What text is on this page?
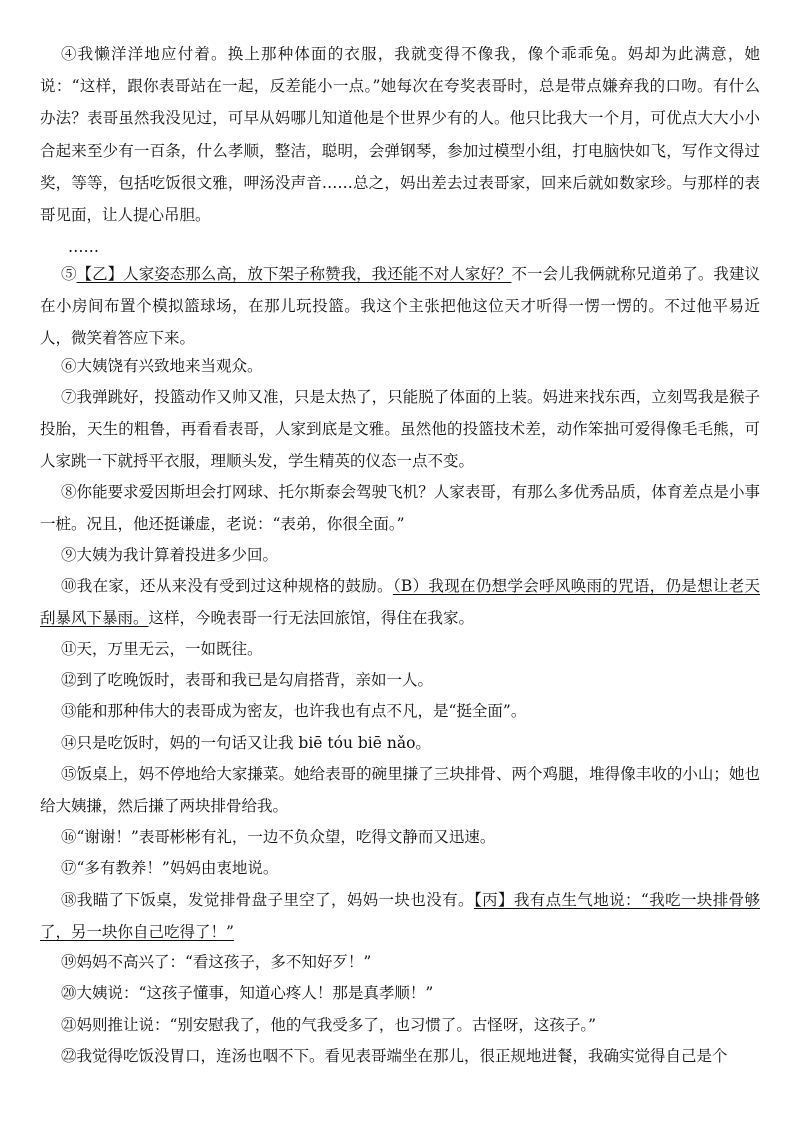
④我懒洋洋地应付着。换上那种体面的衣服，我就变得不像我，像个乖乖兔。妈却为此满意，她说：“这样，跟你表哥站在一起，反差能小一点。”她每次在夸奖表哥时，总是带点嫌弃我的口吻。有什么办法？表哥虽然我没见过，可早从妈哪儿知道他是个世界少有的人。他只比我大一个月，可优点大大小小合起来至少有一百条，什么孝顺，整洁，聪明，会弹钢琴，参加过模型小组，打电脑快如飞，写作文得过奖，等等，包括吃饭很文雅，呷汤没声音……总之，妈出差去过表哥家，回来后就如数家珍。与那样的表哥见面，让人提心吊胆。

……

⑤【乙】人家姿态那么高，放下架子称赞我，我还能不对人家好？不一会儿我俩就称兄道弟了。我建议在小房间布置个模拟篮球场，在那儿玩投篮。我这个主张把他这位天才听得一愣一愣的。不过他平易近人，微笑着答应下来。

⑥大姨饶有兴致地来当观众。

⑦我弹跳好，投篮动作又帅又准，只是太热了，只能脱了体面的上装。妈进来找东西，立刻骂我是猴子投胎，天生的粗鲁，再看看表哥，人家到底是文雅。虽然他的投篮技术差，动作笨拙可爱得像毛毛熊，可人家跳一下就捋平衣服，理顺头发，学生精英的仪态一点不变。

⑧你能要求爱因斯坦会打网球、托尔斯泰会驾驶飞机？人家表哥，有那么多优秀品质，体育差点是小事一桩。况且，他还挺谦虚，老说：“表弟，你很全面。”

⑨大姨为我计算着投进多少回。

⑩我在家，还从来没有受到过这种规格的鼓励。（B）我现在仍想学会呼风唤雨的咒语，仍是想让老天刮暴风下暴雨。这样，今晚表哥一行无法回旅馆，得住在我家。

⑪天，万里无云，一如既往。

⑫到了吃晚饭时，表哥和我已是勾肩搭背，亲如一人。

⑬能和那种伟大的表哥成为密友，也许我也有点不凡，是“挺全面”。

⑭只是吃饭时，妈的一句话又让我 biē tóu biē nǎo。

⑮饭桌上，妈不停地给大家搛菜。她给表哥的碗里搛了三块排骨、两个鸡腿，堆得像丰收的小山；她也给大姨搛，然后搛了两块排骨给我。

⑯“谢谢！”表哥彬彬有礼，一边不负众望，吃得文静而又迅速。

⑰“多有教养！”妈妈由衷地说。

⑱我瞄了下饭桌，发觉排骨盘子里空了，妈妈一块也没有。【丙】我有点生气地说：“我吃一块排骨够了，另一块你自己吃得了！”

⑲妈妈不高兴了：“看这孩子，多不知好歹！”

⑳大姨说：“这孩子懂事，知道心疼人！那是真孝顺！”

㉑妈则推让说：“别安慰我了，他的气我受多了，也习惯了。古怪呀，这孩子。”

㉒我觉得吃饭没胃口，连汤也咽不下。看见表哥端坐在那儿，很正规地进餐，我确实觉得自己是个
